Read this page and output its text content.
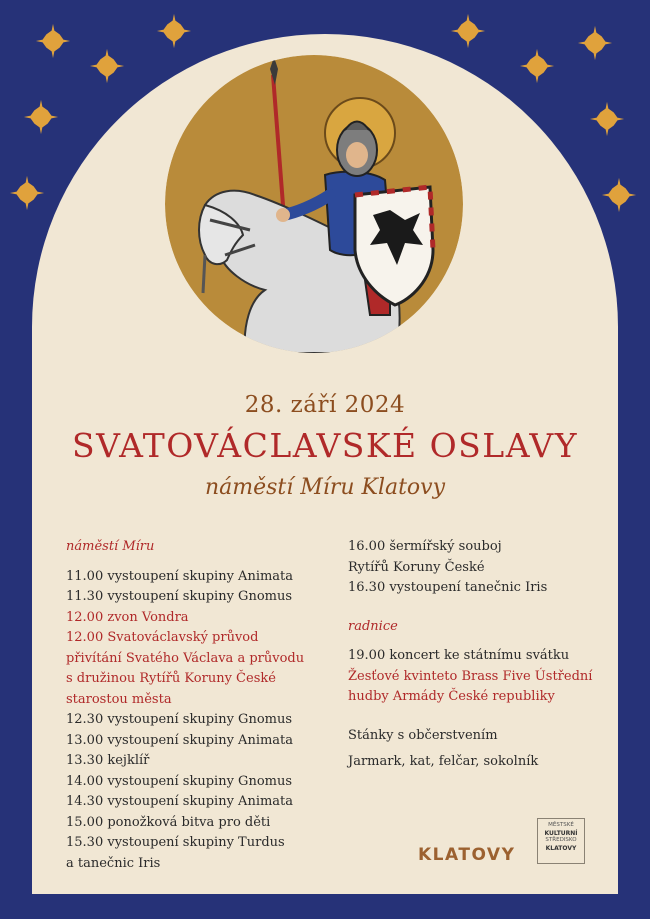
28. září 2024
SVATOVÁCLAVSKÉ OSLAVY
náměstí Míru Klatovy
náměstí Míru
11.00 vystoupení skupiny Animata
11.30 vystoupení skupiny Gnomus
12.00 zvon Vondra
12.00 Svatováclavský průvod
přivítání Svatého Václava a průvodu
s družinou Rytířů Koruny České
starostou města
12.30 vystoupení skupiny Gnomus
13.00 vystoupení skupiny Animata
13.30 kejklíř
14.00 vystoupení skupiny Gnomus
14.30 vystoupení skupiny Animata
15.00 ponožková bitva pro děti
15.30 vystoupení skupiny Turdus
a tanečnic Iris
16.00 šermířský souboj
Rytířů Koruny České
16.30 vystoupení tanečnic Iris
radnice
19.00 koncert ke státnímu svátku
Žesťové kvinteto Brass Five Ústřední
hudby Armády České republiky
Stánky s občerstvením
Jarmark, kat, felčar, sokolník
KLATOVY
MĚSTSKÉ
KULTURNÍ
STŘEDISKO
KLATOVY
